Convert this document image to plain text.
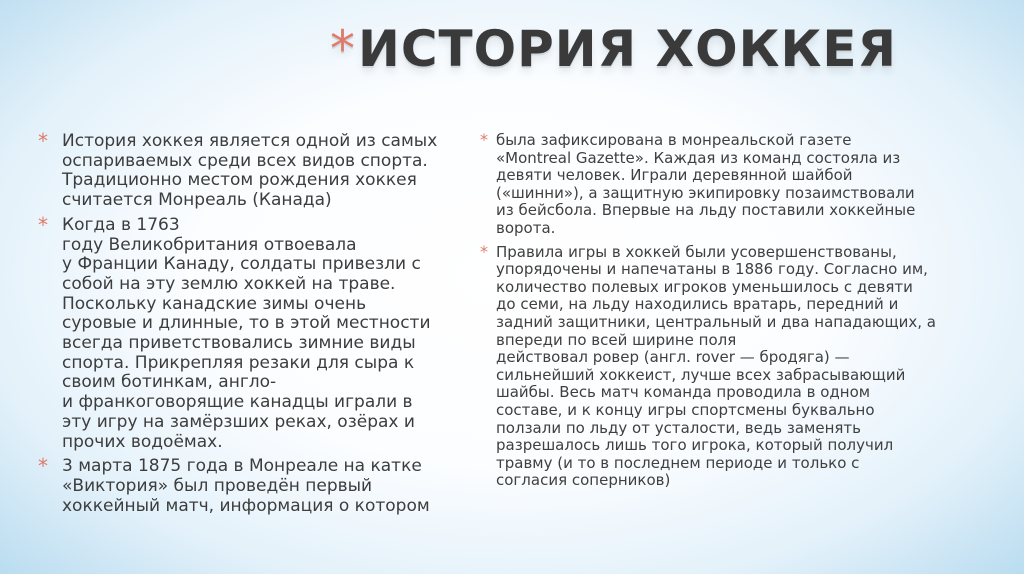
*ИСТОРИЯ ХОККЕЯ
* История хоккея является одной из самых
оспариваемых среди всех видов спорта.
Традиционно местом рождения хоккея
считается Монреаль (Канада)
* Когда в 1763
году Великобритания отвоевала
у Франции Канаду, солдаты привезли с
собой на эту землю хоккей на траве.
Поскольку канадские зимы очень
суровые и длинные, то в этой местности
всегда приветствовались зимние виды
спорта. Прикрепляя резаки для сыра к
своим ботинкам, англо-
и франкоговорящие канадцы играли в
эту игру на замёрзших реках, озёрах и
прочих водоёмах.
* 3 марта 1875 года в Монреале на катке
«Виктория» был проведён первый
хоккейный матч, информация о котором
* была зафиксирована в монреальской газете
«Montreal Gazette». Каждая из команд состояла из
девяти человек. Играли деревянной шайбой
(«шинни»), а защитную экипировку позаимствовали
из бейсбола. Впервые на льду поставили хоккейные
ворота.
* Правила игры в хоккей были усовершенствованы,
упорядочены и напечатаны в 1886 году. Согласно им,
количество полевых игроков уменьшилось с девяти
до семи, на льду находились вратарь, передний и
задний защитники, центральный и два нападающих, а
впереди по всей ширине поля
действовал ровер (англ. rover — бродяга) —
сильнейший хоккеист, лучше всех забрасывающий
шайбы. Весь матч команда проводила в одном
составе, и к концу игры спортсмены буквально
ползали по льду от усталости, ведь заменять
разрешалось лишь того игрока, который получил
травму (и то в последнем периоде и только с
согласия соперников)
